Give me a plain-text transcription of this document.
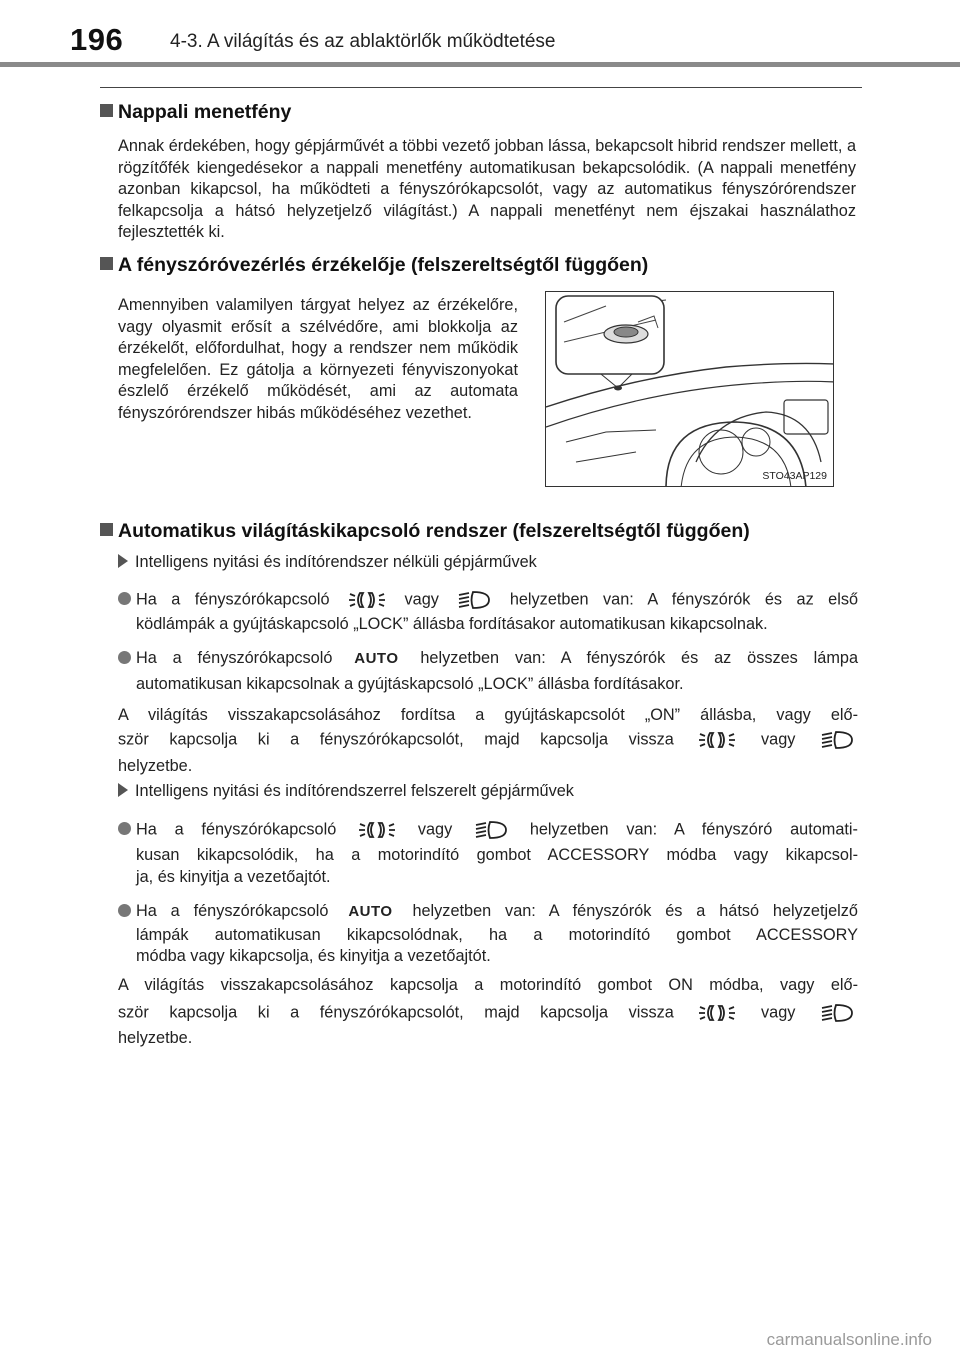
196 4-3. A világítás és az ablaktörlők működtetése
Nappali menetfény
Annak érdekében, hogy gépjárművét a többi vezető jobban lássa, bekapcsolt hibrid rendszer mellett, a rögzítőfék kiengedésekor a nappali menetfény automatikusan bekapcsolódik. (A nappali menetfény azonban kikapcsol, ha működteti a fényszórókapcsolót, vagy az automatikus fényszórórendszer felkapcsolja a hátsó helyzetjelző világítást.) A nappali menetfényt nem éjszakai használathoz fejlesztették ki.
A fényszóróvezérlés érzékelője (felszereltségtől függően)
Amennyiben valamilyen tárgyat helyez az érzékelőre, vagy olyasmit erősít a szélvédőre, ami blokkolja az érzékelőt, előfordulhat, hogy a rendszer nem működik megfelelően. Ez gátolja a környezeti fényviszonyokat észlelő érzékelő működését, ami az automata fényszórórendszer hibás működéséhez vezethet.
STO43AP129
Automatikus világításkikapcsoló rendszer (felszereltségtől függően)
Intelligens nyitási és indítórendszer nélküli gépjárművek
Ha a fényszórókapcsoló	vagy	helyzetben van: A fényszórók és az első
ködlámpák a gyújtáskapcsoló „LOCK” állásba fordításakor automatikusan kikapcsolnak.
Ha a fényszórókapcsoló AUTO helyzetben van: A fényszórók és az összes lámpa
automatikusan kikapcsolnak a gyújtáskapcsoló „LOCK” állásba fordításakor.
A világítás visszakapcsolásához fordítsa a gyújtáskapcsolót „ON” állásba, vagy elő-
ször kapcsolja ki a fényszórókapcsolót, majd kapcsolja vissza	vagy
helyzetbe.
Intelligens nyitási és indítórendszerrel felszerelt gépjárművek
Ha a fényszórókapcsoló	vagy	helyzetben van: A fényszóró automati-
kusan kikapcsolódik, ha a motorindító gombot ACCESSORY módba vagy kikapcsol-
ja, és kinyitja a vezetőajtót.
Ha a fényszórókapcsoló AUTO helyzetben van: A fényszórók és a hátsó helyzetjelző
lámpák automatikusan kikapcsolódnak, ha a motorindító gombot ACCESSORY
módba vagy kikapcsolja, és kinyitja a vezetőajtót.
A világítás visszakapcsolásához kapcsolja a motorindító gombot ON módba, vagy elő-
ször kapcsolja ki a fényszórókapcsolót, majd kapcsolja vissza	vagy
helyzetbe.
carmanualsonline.info
